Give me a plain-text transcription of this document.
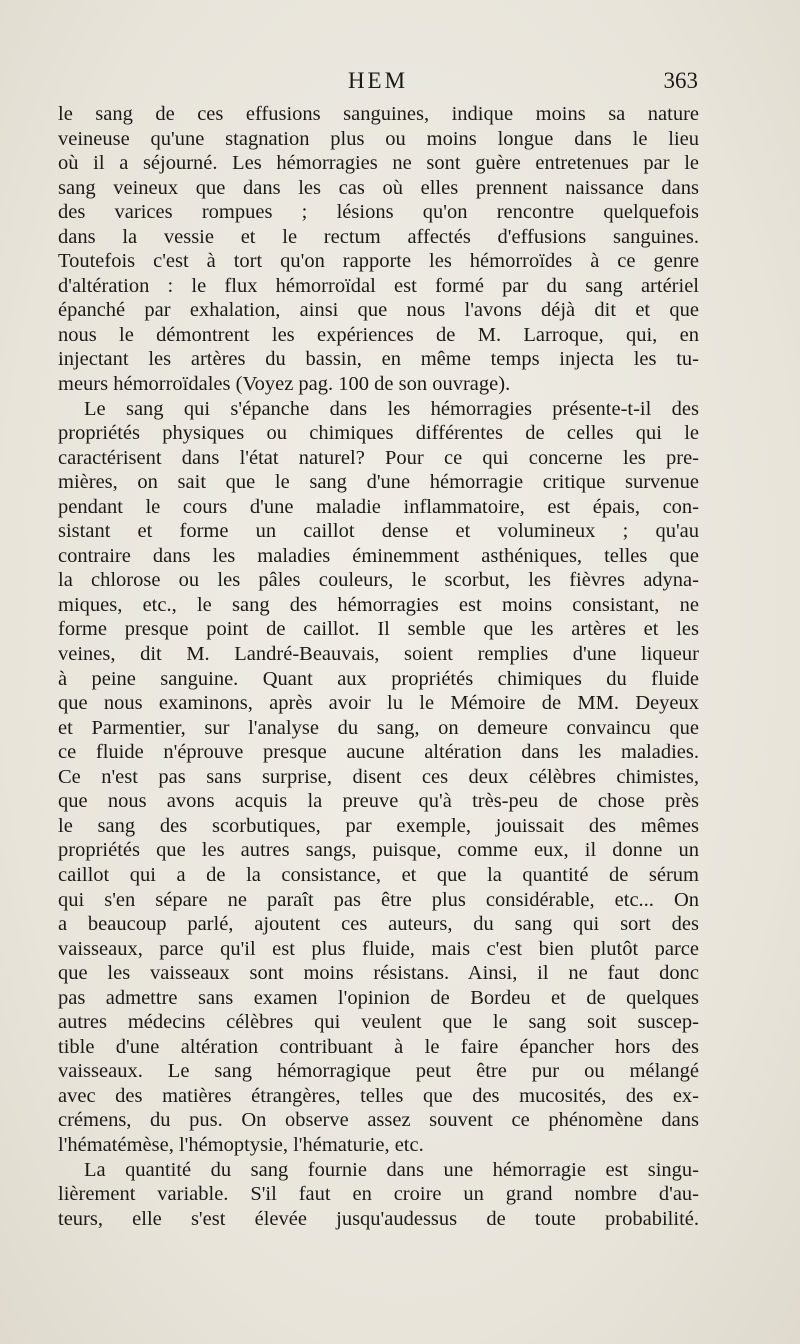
HEM	363
le sang de ces effusions sanguines, indique moins sa nature
veineuse qu'une stagnation plus ou moins longue dans le lieu
où il a séjourné. Les hémorragies ne sont guère entretenues par le
sang veineux que dans les cas où elles prennent naissance dans
des varices rompues ; lésions qu'on rencontre quelquefois
dans la vessie et le rectum affectés d'effusions sanguines.
Toutefois c'est à tort qu'on rapporte les hémorroïdes à ce genre
d'altération : le flux hémorroïdal est formé par du sang artériel
épanché par exhalation, ainsi que nous l'avons déjà dit et que
nous le démontrent les expériences de M. Larroque, qui, en
injectant les artères du bassin, en même temps injecta les tu-
meurs hémorroïdales (Voyez pag. 100 de son ouvrage).
Le sang qui s'épanche dans les hémorragies présente-t-il des
propriétés physiques ou chimiques différentes de celles qui le
caractérisent dans l'état naturel? Pour ce qui concerne les pre-
mières, on sait que le sang d'une hémorragie critique survenue
pendant le cours d'une maladie inflammatoire, est épais, con-
sistant et forme un caillot dense et volumineux ; qu'au
contraire dans les maladies éminemment asthéniques, telles que
la chlorose ou les pâles couleurs, le scorbut, les fièvres adyna-
miques, etc., le sang des hémorragies est moins consistant, ne
forme presque point de caillot. Il semble que les artères et les
veines, dit M. Landré-Beauvais, soient remplies d'une liqueur
à peine sanguine. Quant aux propriétés chimiques du fluide
que nous examinons, après avoir lu le Mémoire de MM. Deyeux
et Parmentier, sur l'analyse du sang, on demeure convaincu que
ce fluide n'éprouve presque aucune altération dans les maladies.
Ce n'est pas sans surprise, disent ces deux célèbres chimistes,
que nous avons acquis la preuve qu'à très-peu de chose près
le sang des scorbutiques, par exemple, jouissait des mêmes
propriétés que les autres sangs, puisque, comme eux, il donne un
caillot qui a de la consistance, et que la quantité de sérum
qui s'en sépare ne paraît pas être plus considérable, etc... On
a beaucoup parlé, ajoutent ces auteurs, du sang qui sort des
vaisseaux, parce qu'il est plus fluide, mais c'est bien plutôt parce
que les vaisseaux sont moins résistans. Ainsi, il ne faut donc
pas admettre sans examen l'opinion de Bordeu et de quelques
autres médecins célèbres qui veulent que le sang soit suscep-
tible d'une altération contribuant à le faire épancher hors des
vaisseaux. Le sang hémorragique peut être pur ou mélangé
avec des matières étrangères, telles que des mucosités, des ex-
crémens, du pus. On observe assez souvent ce phénomène dans
l'hématémèse, l'hémoptysie, l'hématurie, etc.
La quantité du sang fournie dans une hémorragie est singu-
lièrement variable. S'il faut en croire un grand nombre d'au-
teurs, elle s'est élevée jusqu'audessus de toute probabilité.
